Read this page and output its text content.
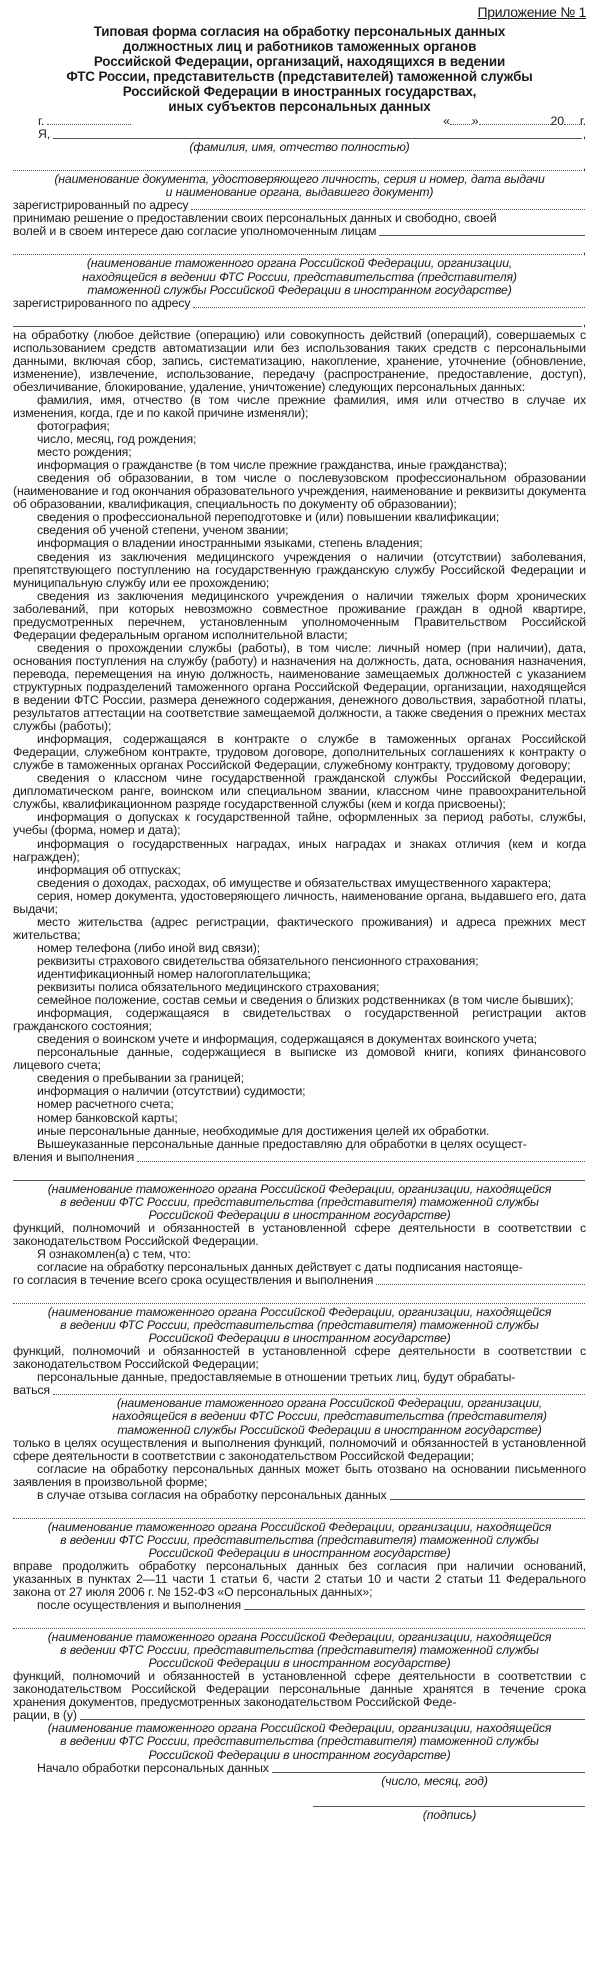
Приложение № 1
Типовая форма согласия на обработку персональных данных
должностных лиц и работников таможенных органов
Российской Федерации, организаций, находящихся в ведении
ФТС России, представительств (представителей) таможенной службы
Российской Федерации в иностранных государствах,
иных субъектов персональных данных
г.	« »	20 г.
Я,	,
(фамилия, имя, отчество полностью)
,
(наименование документа, удостоверяющего личность, серия и номер, дата выдачи
и наименование органа, выдавшего документ)
зарегистрированный по адресу
принимаю решение о предоставлении своих персональных данных и свободно, своей
волей и в своем интересе даю согласие уполномоченным лицам
,
(наименование таможенного органа Российской Федерации, организации,
находящейся в ведении ФТС России, представительства (представителя)
таможенной службы Российской Федерации в иностранном государстве)
зарегистрированного по адресу
,
на обработку (любое действие (операцию) или совокупность действий (операций), совершаемых с использованием средств автоматизации или без использования таких средств с персональными данными, включая сбор, запись, систематизацию, накопление, хранение, уточнение (обновление, изменение), извлечение, использование, передачу (распространение, предоставление, доступ), обезличивание, блокирование, удаление, уничтожение) следующих персональных данных:
фамилия, имя, отчество (в том числе прежние фамилия, имя или отчество в случае их изменения, когда, где и по какой причине изменяли);
фотография;
число, месяц, год рождения;
место рождения;
информация о гражданстве (в том числе прежние гражданства, иные гражданства);
сведения об образовании, в том числе о послевузовском профессиональном образовании (наименование и год окончания образовательного учреждения, наименование и реквизиты документа об образовании, квалификация, специальность по документу об образовании);
сведения о профессиональной переподготовке и (или) повышении квалификации;
сведения об ученой степени, ученом звании;
информация о владении иностранными языками, степень владения;
сведения из заключения медицинского учреждения о наличии (отсутствии) заболевания, препятствующего поступлению на государственную гражданскую службу Российской Федерации и муниципальную службу или ее прохождению;
сведения из заключения медицинского учреждения о наличии тяжелых форм хронических заболеваний, при которых невозможно совместное проживание граждан в одной квартире, предусмотренных перечнем, установленным уполномоченным Правительством Российской Федерации федеральным органом исполнительной власти;
сведения о прохождении службы (работы), в том числе: личный номер (при наличии), дата, основания поступления на службу (работу) и назначения на должность, дата, основания назначения, перевода, перемещения на иную должность, наименование замещаемых должностей с указанием структурных подразделений таможенного органа Российской Федерации, организации, находящейся в ведении ФТС России, размера денежного содержания, денежного довольствия, заработной платы, результатов аттестации на соответствие замещаемой должности, а также сведения о прежних местах службы (работы);
информация, содержащаяся в контракте о службе в таможенных органах Российской Федерации, служебном контракте, трудовом договоре, дополнительных соглашениях к контракту о службе в таможенных органах Российской Федерации, служебному контракту, трудовому договору;
сведения о классном чине государственной гражданской службы Российской Федерации, дипломатическом ранге, воинском или специальном звании, классном чине правоохранительной службы, квалификационном разряде государственной службы (кем и когда присвоены);
информация о допусках к государственной тайне, оформленных за период работы, службы, учебы (форма, номер и дата);
информация о государственных наградах, иных наградах и знаках отличия (кем и когда награжден);
информация об отпусках;
сведения о доходах, расходах, об имуществе и обязательствах имущественного характера;
серия, номер документа, удостоверяющего личность, наименование органа, выдавшего его, дата выдачи;
место жительства (адрес регистрации, фактического проживания) и адреса прежних мест жительства;
номер телефона (либо иной вид связи);
реквизиты страхового свидетельства обязательного пенсионного страхования;
идентификационный номер налогоплательщика;
реквизиты полиса обязательного медицинского страхования;
семейное положение, состав семьи и сведения о близких родственниках (в том числе бывших);
информация, содержащаяся в свидетельствах о государственной регистрации актов гражданского состояния;
сведения о воинском учете и информация, содержащаяся в документах воинского учета;
персональные данные, содержащиеся в выписке из домовой книги, копиях финансового лицевого счета;
сведения о пребывании за границей;
информация о наличии (отсутствии) судимости;
номер расчетного счета;
номер банковской карты;
иные персональные данные, необходимые для достижения целей их обработки.
Вышеуказанные персональные данные предоставляю для обработки в целях осущест-
вления и выполнения
(наименование таможенного органа Российской Федерации, организации, находящейся
в ведении ФТС России, представительства (представителя) таможенной службы
Российской Федерации в иностранном государстве)
функций, полномочий и обязанностей в установленной сфере деятельности в соответствии с законодательством Российской Федерации.
Я ознакомлен(а) с тем, что:
согласие на обработку персональных данных действует с даты подписания настояще-
го согласия в течение всего срока осуществления и выполнения
(наименование таможенного органа Российской Федерации, организации, находящейся
в ведении ФТС России, представительства (представителя) таможенной службы
Российской Федерации в иностранном государстве)
функций, полномочий и обязанностей в установленной сфере деятельности в соответствии с законодательством Российской Федерации;
персональные данные, предоставляемые в отношении третьих лиц, будут обрабаты-
ваться
(наименование таможенного органа Российской Федерации, организации,
находящейся в ведении ФТС России, представительства (представителя)
таможенной службы Российской Федерации в иностранном государстве)
только в целях осуществления и выполнения функций, полномочий и обязанностей в установленной сфере деятельности в соответствии с законодательством Российской Федерации;
согласие на обработку персональных данных может быть отозвано на основании письменного заявления в произвольной форме;
в случае отзыва согласия на обработку персональных данных
(наименование таможенного органа Российской Федерации, организации, находящейся
в ведении ФТС России, представительства (представителя) таможенной службы
Российской Федерации в иностранном государстве)
вправе продолжить обработку персональных данных без согласия при наличии оснований, указанных в пунктах 2—11 части 1 статьи 6, части 2 статьи 10 и части 2 статьи 11 Федерального закона от 27 июля 2006 г. № 152-ФЗ «О персональных данных»;
после осуществления и выполнения
(наименование таможенного органа Российской Федерации, организации, находящейся
в ведении ФТС России, представительства (представителя) таможенной службы
Российской Федерации в иностранном государстве)
функций, полномочий и обязанностей в установленной сфере деятельности в соответствии с законодательством Российской Федерации персональные данные хранятся в течение срока хранения документов, предусмотренных законодательством Российской Феде-
рации, в (у)
(наименование таможенного органа Российской Федерации, организации, находящейся
в ведении ФТС России, представительства (представителя) таможенной службы
Российской Федерации в иностранном государстве)
Начало обработки персональных данных
(число, месяц, год)
(подпись)
